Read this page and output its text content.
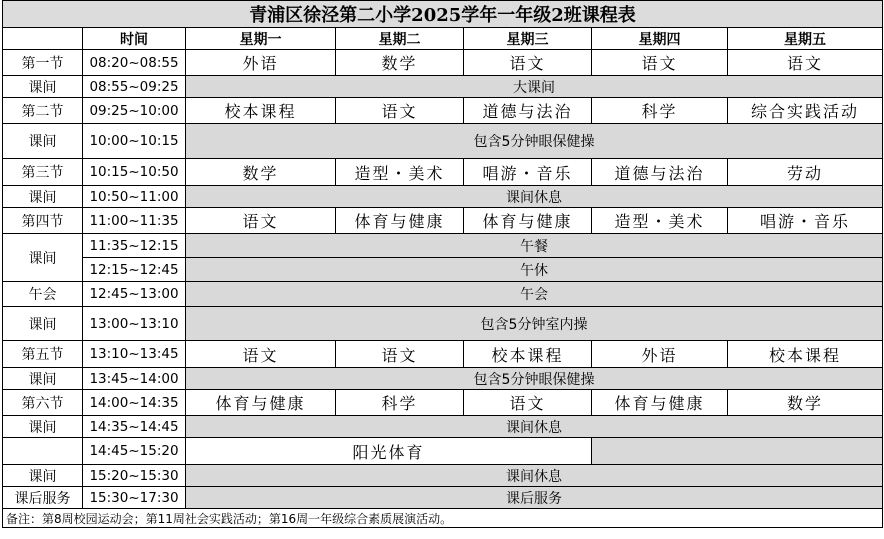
青浦区徐泾第二小学2025学年一年级2班课程表						
	时间	星期一	星期二	星期三	星期四	星期五
第一节	08:20~08:55	外语	数学	语文	语文	语文
课间	08:55~09:25	大课间				
第二节	09:25~10:00	校本课程	语文	道德与法治	科学	综合实践活动
课间	10:00~10:15	包含5分钟眼保健操				
第三节	10:15~10:50	数学	造型・美术	唱游・音乐	道德与法治	劳动
课间	10:50~11:00	课间休息				
第四节	11:00~11:35	语文	体育与健康	体育与健康	造型・美术	唱游・音乐
课间	11:35~12:15	午餐				
	12:15~12:45	午休				
午会	12:45~13:00	午会				
课间	13:00~13:10	包含5分钟室内操				
第五节	13:10~13:45	语文	语文	校本课程	外语	校本课程
课间	13:45~14:00	包含5分钟眼保健操				
第六节	14:00~14:35	体育与健康	科学	语文	体育与健康	数学
课间	14:35~14:45	课间休息				
	14:45~15:20	阳光体育				
课间	15:20~15:30	课间休息				
课后服务	15:30~17:30	课后服务				
备注：第8周校园运动会；第11周社会实践活动；第16周一年级综合素质展演活动。						
